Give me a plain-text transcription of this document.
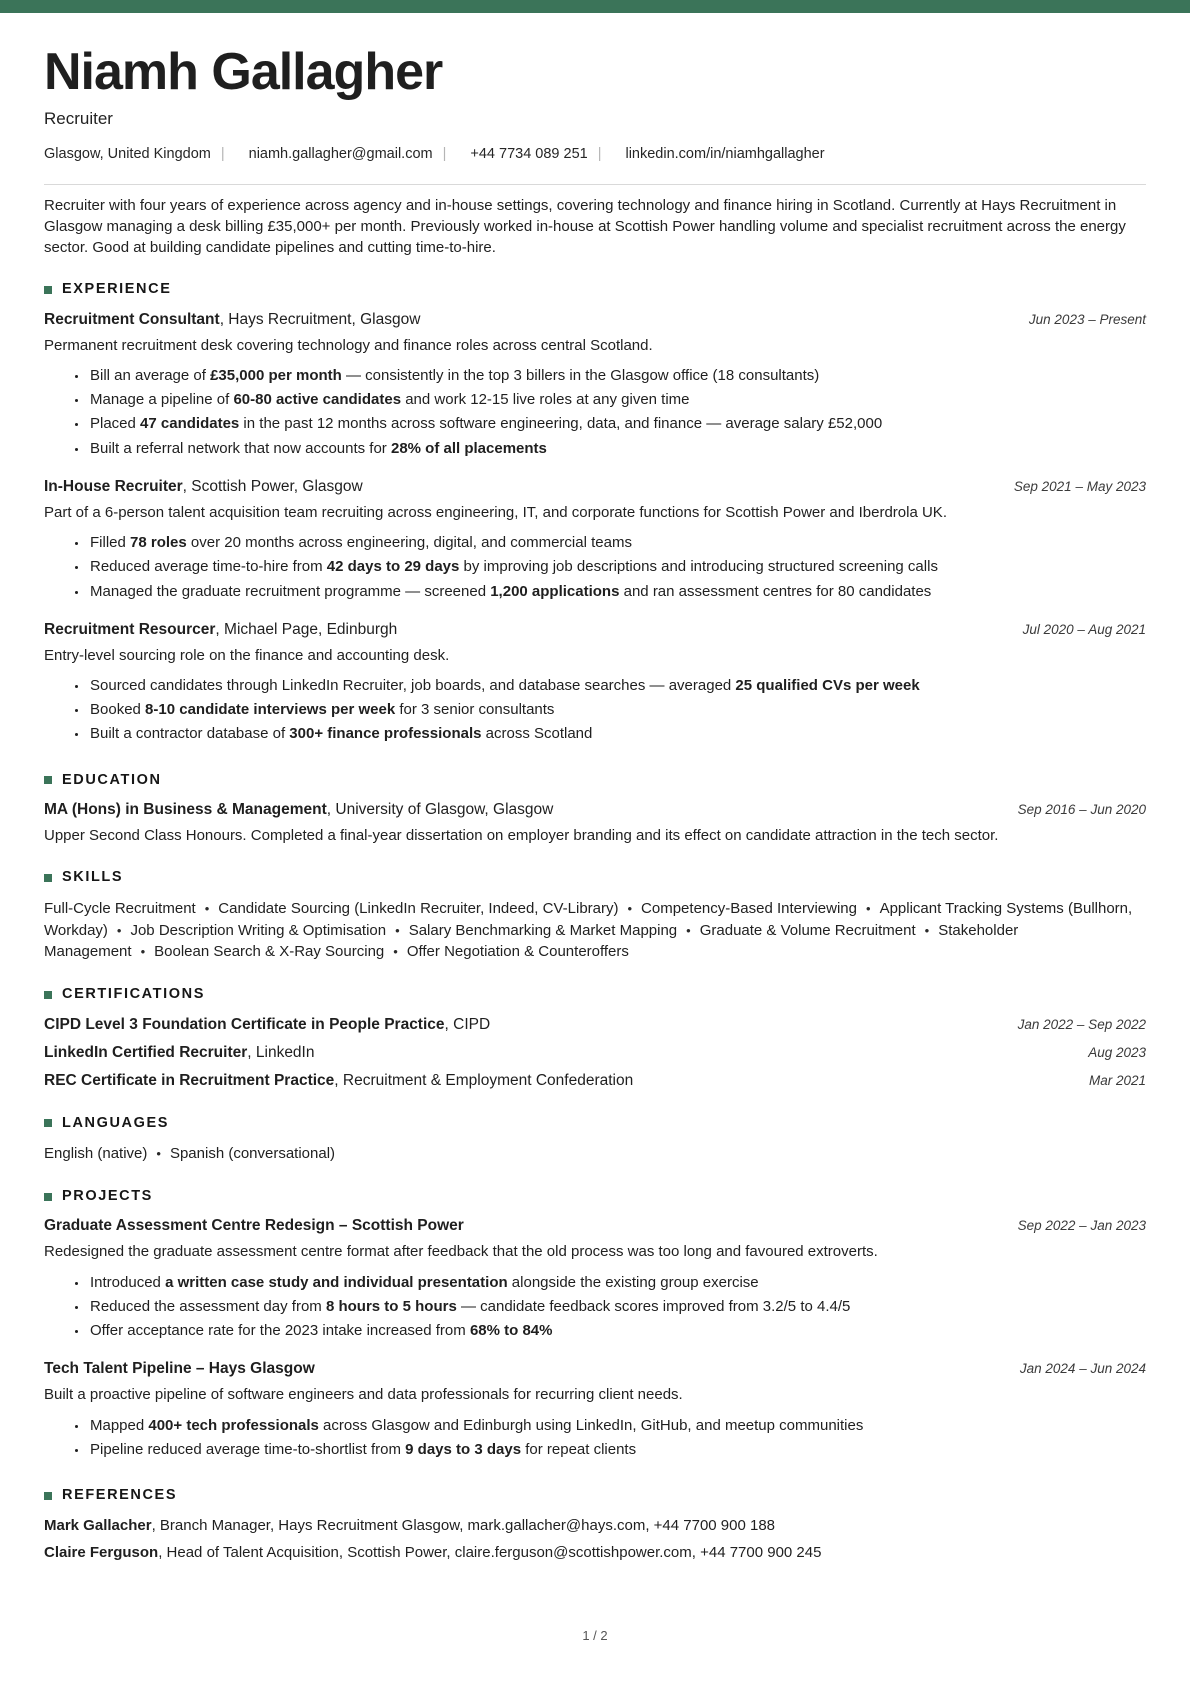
Niamh Gallagher
Recruiter
Glasgow, United Kingdom | niamh.gallagher@gmail.com | +44 7734 089 251 | linkedin.com/in/niamhgallagher

Recruiter with four years of experience across agency and in-house settings, covering technology and finance hiring in Scotland. Currently at Hays Recruitment in Glasgow managing a desk billing £35,000+ per month. Previously worked in-house at Scottish Power handling volume and specialist recruitment across the energy sector. Good at building candidate pipelines and cutting time-to-hire.

EXPERIENCE
Recruitment Consultant, Hays Recruitment, Glasgow	Jun 2023 – Present

Permanent recruitment desk covering technology and finance roles across central Scotland.

• Bill an average of £35,000 per month — consistently in the top 3 billers in the Glasgow office (18 consultants)
• Manage a pipeline of 60-80 active candidates and work 12-15 live roles at any given time
• Placed 47 candidates in the past 12 months across software engineering, data, and finance — average salary £52,000
• Built a referral network that now accounts for 28% of all placements
In-House Recruiter, Scottish Power, Glasgow	Sep 2021 – May 2023

Part of a 6-person talent acquisition team recruiting across engineering, IT, and corporate functions for Scottish Power and Iberdrola UK.

• Filled 78 roles over 20 months across engineering, digital, and commercial teams
• Reduced average time-to-hire from 42 days to 29 days by improving job descriptions and introducing structured screening calls
• Managed the graduate recruitment programme — screened 1,200 applications and ran assessment centres for 80 candidates
Recruitment Resourcer, Michael Page, Edinburgh	Jul 2020 – Aug 2021

Entry-level sourcing role on the finance and accounting desk.

• Sourced candidates through LinkedIn Recruiter, job boards, and database searches — averaged 25 qualified CVs per week
• Booked 8-10 candidate interviews per week for 3 senior consultants
• Built a contractor database of 300+ finance professionals across Scotland
EDUCATION
MA (Hons) in Business & Management, University of Glasgow, Glasgow	Sep 2016 – Jun 2020

Upper Second Class Honours. Completed a final-year dissertation on employer branding and its effect on candidate attraction in the tech sector.

SKILLS
Full-Cycle Recruitment • Candidate Sourcing (LinkedIn Recruiter, Indeed, CV-Library) • Competency-Based Interviewing • Applicant Tracking Systems (Bullhorn, Workday) • Job Description Writing & Optimisation • Salary Benchmarking & Market Mapping • Graduate & Volume Recruitment • Stakeholder Management • Boolean Search & X-Ray Sourcing • Offer Negotiation & Counteroffers
CERTIFICATIONS
CIPD Level 3 Foundation Certificate in People Practice, CIPD	Jan 2022 – Sep 2022
LinkedIn Certified Recruiter, LinkedIn	Aug 2023
REC Certificate in Recruitment Practice, Recruitment & Employment Confederation	Mar 2021
LANGUAGES
English (native) • Spanish (conversational)
PROJECTS
Graduate Assessment Centre Redesign – Scottish Power	Sep 2022 – Jan 2023

Redesigned the graduate assessment centre format after feedback that the old process was too long and favoured extroverts.

• Introduced a written case study and individual presentation alongside the existing group exercise
• Reduced the assessment day from 8 hours to 5 hours — candidate feedback scores improved from 3.2/5 to 4.4/5
• Offer acceptance rate for the 2023 intake increased from 68% to 84%
Tech Talent Pipeline – Hays Glasgow	Jan 2024 – Jun 2024

Built a proactive pipeline of software engineers and data professionals for recurring client needs.

• Mapped 400+ tech professionals across Glasgow and Edinburgh using LinkedIn, GitHub, and meetup communities
• Pipeline reduced average time-to-shortlist from 9 days to 3 days for repeat clients
REFERENCES

Mark Gallacher, Branch Manager, Hays Recruitment Glasgow, mark.gallacher@hays.com, +44 7700 900 188

Claire Ferguson, Head of Talent Acquisition, Scottish Power, claire.ferguson@scottishpower.com, +44 7700 900 245

1 / 2
